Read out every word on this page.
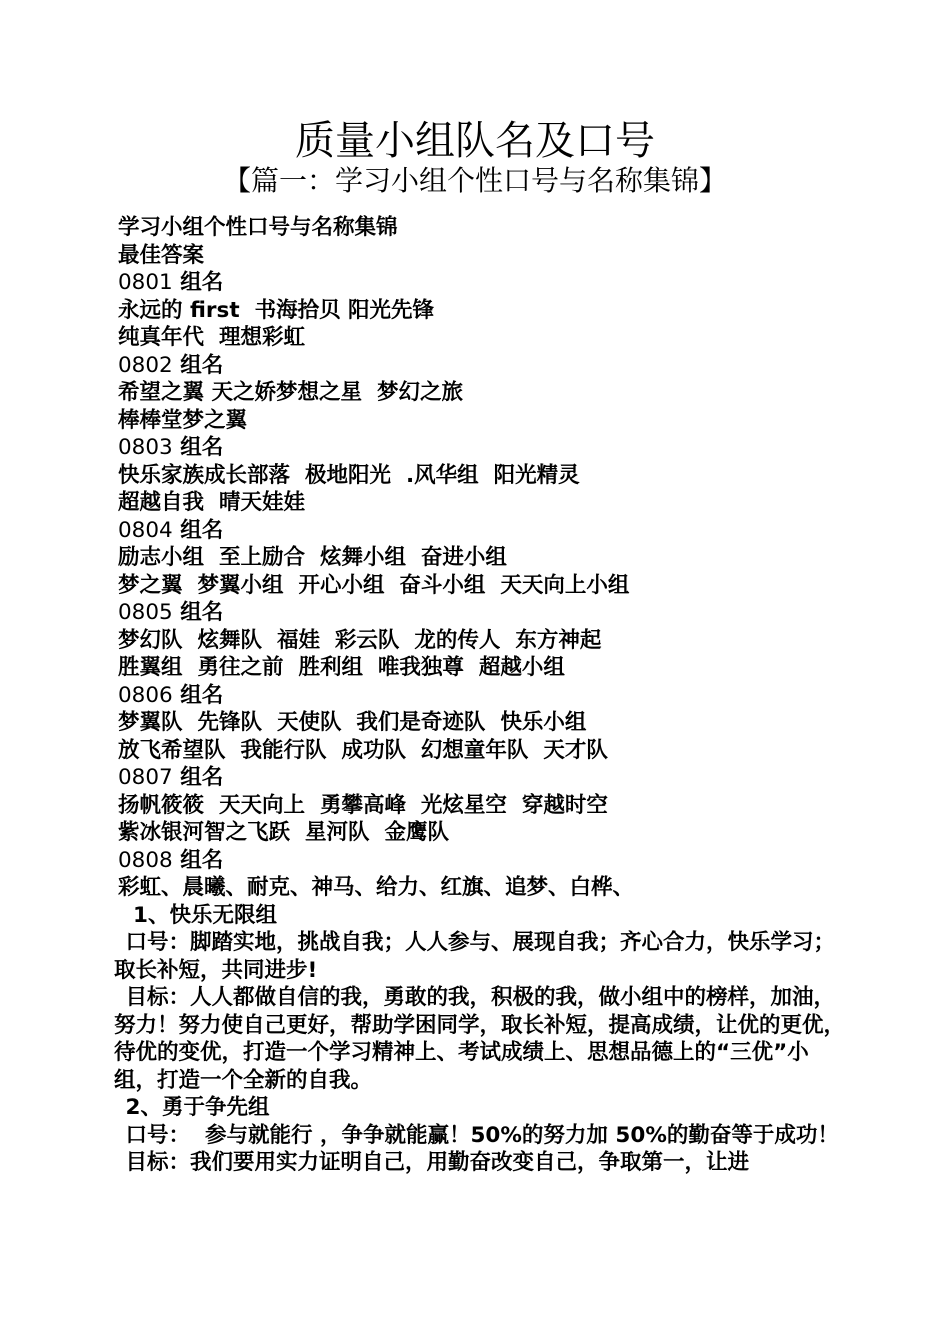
质量小组队名及口号
【篇一：学习小组个性口号与名称集锦】

学习小组个性口号与名称集锦

最佳答案

0801 组名

永远的 first  书海拾贝 阳光先锋

纯真年代  理想彩虹

0802 组名

希望之翼 天之娇梦想之星  梦幻之旅

棒棒堂梦之翼

0803 组名

快乐家族成长部落  极地阳光  .风华组  阳光精灵

超越自我  晴天娃娃

0804 组名

励志小组  至上励合  炫舞小组  奋进小组

梦之翼  梦翼小组  开心小组  奋斗小组  天天向上小组

0805 组名

梦幻队  炫舞队  福娃  彩云队  龙的传人  东方神起

胜翼组  勇往之前  胜利组  唯我独尊  超越小组

0806 组名

梦翼队  先锋队  天使队  我们是奇迹队  快乐小组

放飞希望队  我能行队  成功队  幻想童年队  天才队

0807 组名

扬帆筱筱  天天向上  勇攀高峰  光炫星空  穿越时空

紫冰银河智之飞跃  星河队  金鹰队

0808 组名

彩虹、晨曦、耐克、神马、给力、红旗、追梦、白桦、

1、快乐无限组

口号：脚踏实地，挑战自我；人人参与、展现自我；齐心合力，快乐学习；取长补短，共同进步!

目标：人人都做自信的我，勇敢的我，积极的我，做小组中的榜样，加油，努力！努力使自己更好，帮助学困同学，取长补短，提高成绩，让优的更优，待优的变优，打造一个学习精神上、考试成绩上、思想品德上的“三优”小组，打造一个全新的自我。

2、勇于争先组

口号：  参与就能行 ，争争就能赢！50%的努力加 50%的勤奋等于成功！

目标：我们要用实力证明自己，用勤奋改变自己，争取第一，让进
